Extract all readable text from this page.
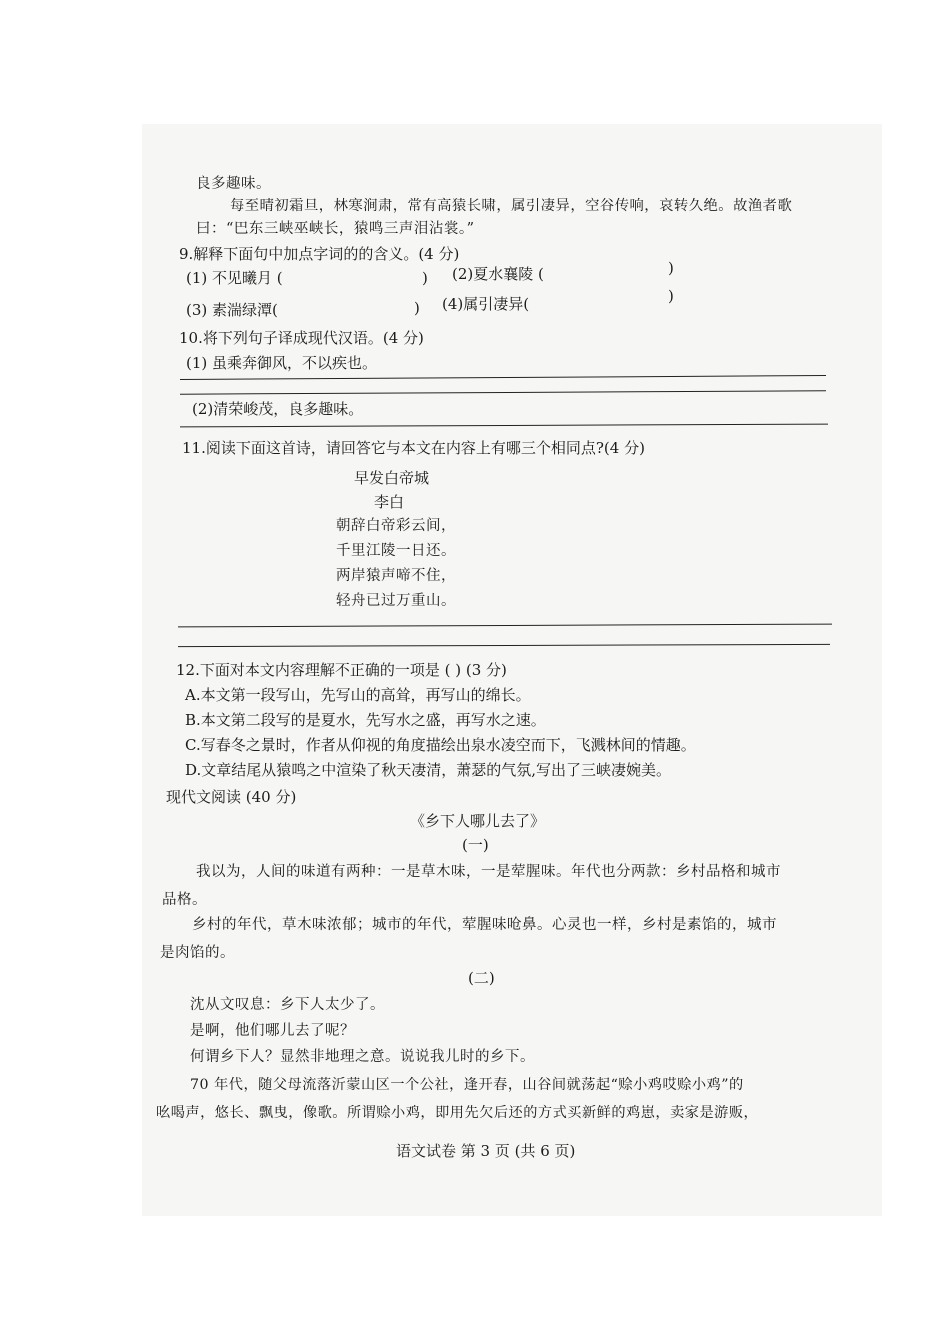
良多趣味。
每至晴初霜旦，林寒涧肃，常有高猿长啸，属引凄异，空谷传响，哀转久绝。故渔者歌
曰：“巴东三峡巫峡长，猿鸣三声泪沾裳。”
9.解释下面句中加点字词的的含义。(4 分)
(1) 不见曦月 (	) (2)夏水襄陵 (	)
(3) 素湍绿潭(	) (4)属引凄异(	)
10.将下列句子译成现代汉语。(4 分)
(1) 虽乘奔御风，不以疾也。
(2)清荣峻茂，良多趣味。
11.阅读下面这首诗，请回答它与本文在内容上有哪三个相同点?(4 分)
早发白帝城
李白
朝辞白帝彩云间，
千里江陵一日还。
两岸猿声啼不住，
轻舟已过万重山。
12.下面对本文内容理解不正确的一项是 ( ) (3 分)
A.本文第一段写山，先写山的高耸，再写山的绵长。
B.本文第二段写的是夏水，先写水之盛，再写水之速。
C.写春冬之景时，作者从仰视的角度描绘出泉水凌空而下，飞溅林间的情趣。
D.文章结尾从猿鸣之中渲染了秋天凄清，萧瑟的气氛,写出了三峡凄婉美。
现代文阅读 (40 分)
《乡下人哪儿去了》
(一)
我以为，人间的味道有两种：一是草木味，一是荤腥味。年代也分两款：乡村品格和城市
品格。
乡村的年代，草木味浓郁；城市的年代，荤腥味呛鼻。心灵也一样，乡村是素馅的，城市
是肉馅的。
(二)
沈从文叹息：乡下人太少了。
是啊，他们哪儿去了呢？
何谓乡下人？显然非地理之意。说说我儿时的乡下。
70 年代，随父母流落沂蒙山区一个公社，逢开春，山谷间就荡起“赊小鸡哎赊小鸡”的
吆喝声，悠长、飘曳，像歌。所谓赊小鸡，即用先欠后还的方式买新鲜的鸡崽，卖家是游贩，
语文试卷 第 3 页 (共 6 页)
